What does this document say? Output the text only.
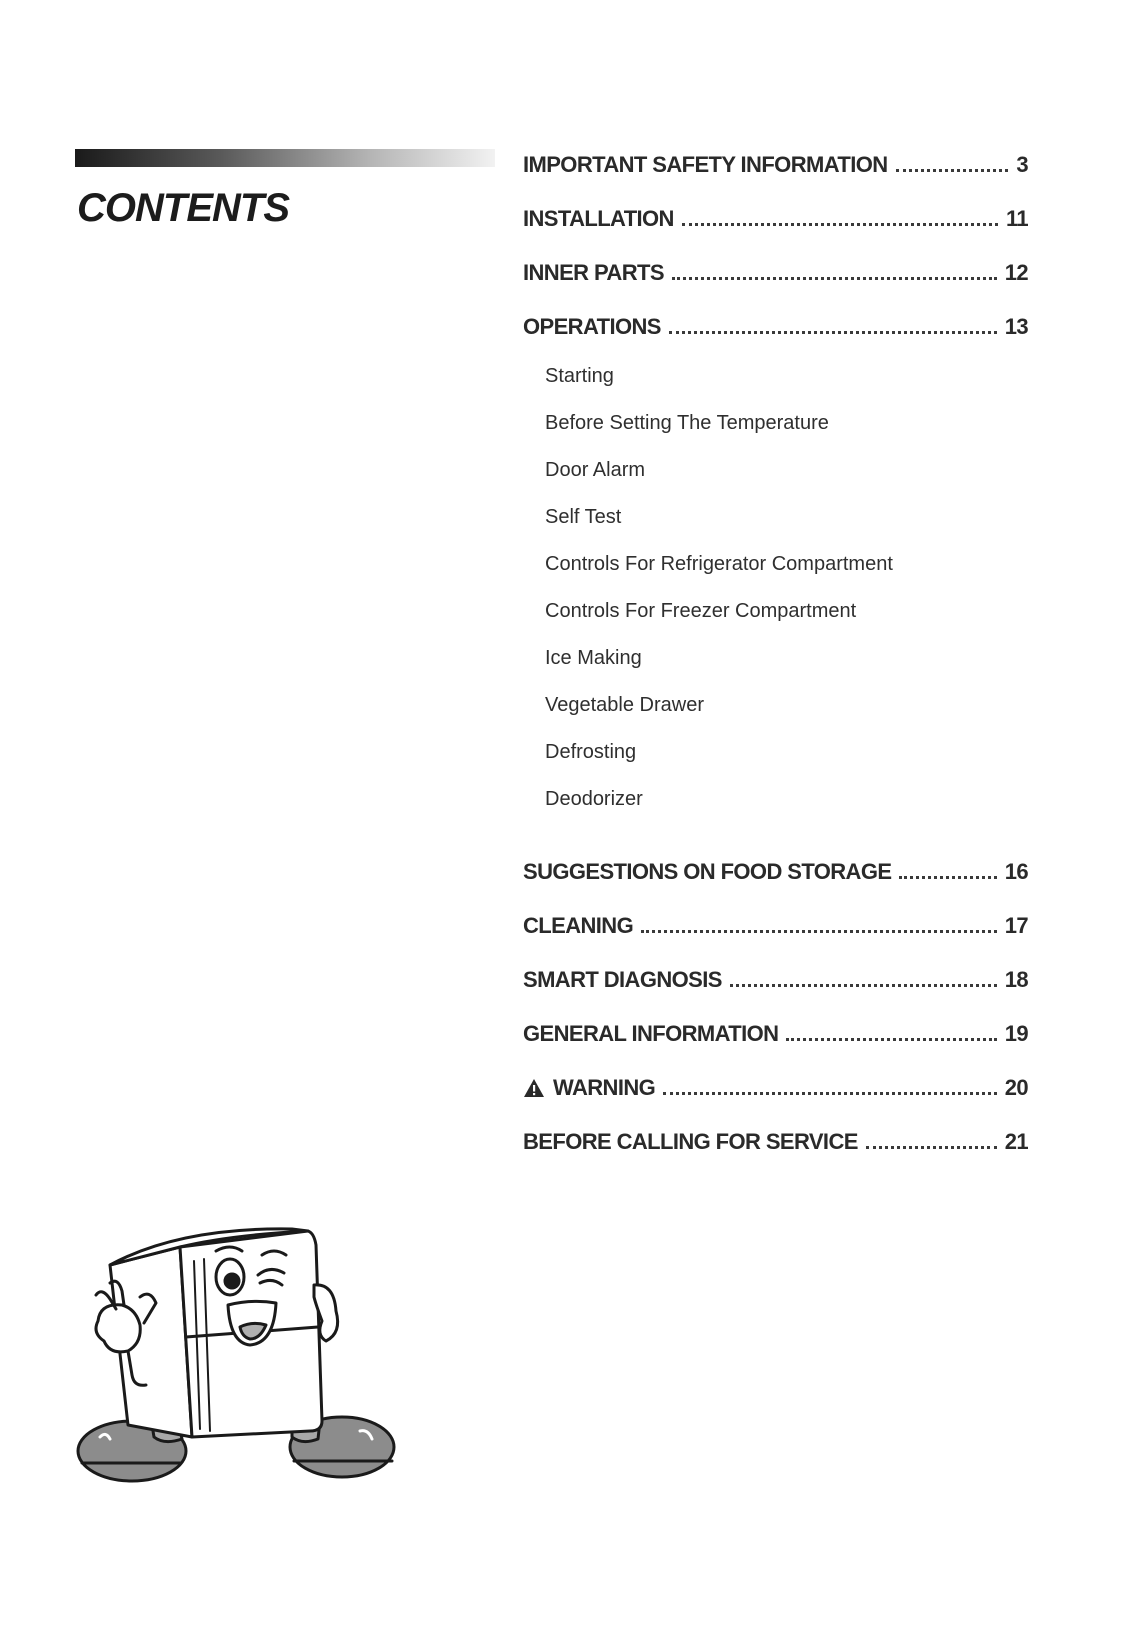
CONTENTS
IMPORTANT SAFETY INFORMATION	3
INSTALLATION	11
INNER PARTS	12
OPERATIONS	13
Starting
Before Setting The Temperature
Door Alarm
Self Test
Controls For Refrigerator Compartment
Controls For Freezer Compartment
Ice Making
Vegetable Drawer
Defrosting
Deodorizer
SUGGESTIONS ON FOOD STORAGE	16
CLEANING	17
SMART DIAGNOSIS	18
GENERAL INFORMATION	19
WARNING	20
BEFORE CALLING FOR SERVICE	21
